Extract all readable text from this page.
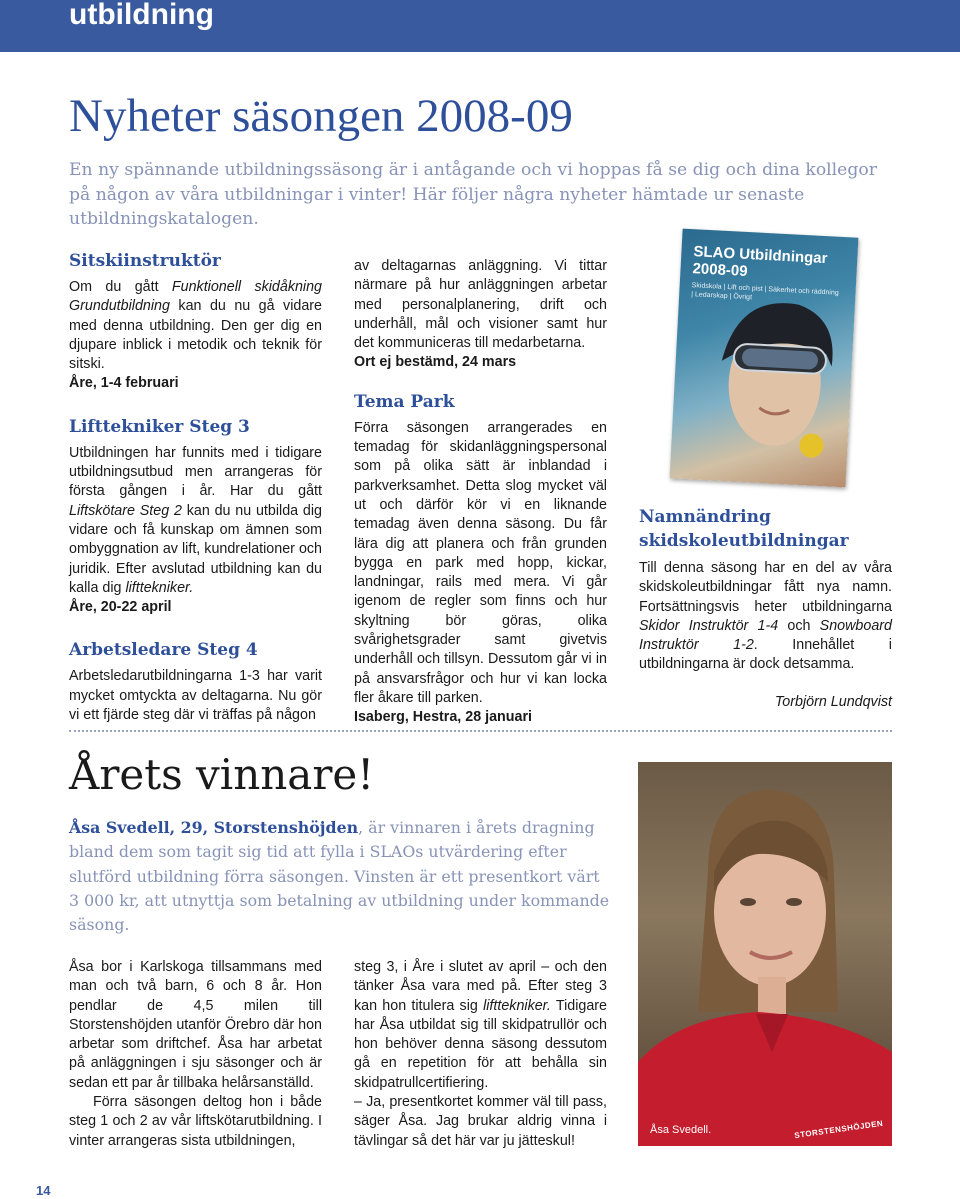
utbildning
Nyheter säsongen 2008-09
En ny spännande utbildningssäsong är i antågande och vi hoppas få se dig och dina kollegor på någon av våra utbildningar i vinter! Här följer några nyheter hämtade ur senaste utbildningskatalogen.
Sitskiinstruktör

Om du gått Funktionell skidåkning Grundutbildning kan du nu gå vidare med denna utbildning. Den ger dig en djupare inblick i metodik och teknik för sitski.

Åre, 1-4 februari

Lifttekniker Steg 3

Utbildningen har funnits med i tidigare utbildningsutbud men arrangeras för första gången i år. Har du gått Liftskötare Steg 2 kan du nu utbilda dig vidare och få kunskap om ämnen som ombyggnation av lift, kundrelationer och juridik. Efter avslutad utbildning kan du kalla dig lifttekniker.

Åre, 20-22 april

Arbetsledare Steg 4

Arbetsledarutbildningarna 1-3 har varit mycket omtyckta av deltagarna. Nu gör vi ett fjärde steg där vi träffas på någon

av deltagarnas anläggning. Vi tittar närmare på hur anläggningen arbetar med personalplanering, drift och underhåll, mål och visioner samt hur det kommuniceras till medarbetarna.

Ort ej bestämd, 24 mars

Tema Park

Förra säsongen arrangerades en temadag för skidanläggningspersonal som på olika sätt är inblandad i parkverksamhet. Detta slog mycket väl ut och därför kör vi en liknande temadag även denna säsong. Du får lära dig att planera och från grunden bygga en park med hopp, kickar, landningar, rails med mera. Vi går igenom de regler som finns och hur skyltning bör göras, olika svårighetsgrader samt givetvis underhåll och tillsyn. Dessutom går vi in på ansvarsfrågor och hur vi kan locka fler åkare till parken.

Isaberg, Hestra, 28 januari

SLAO Utbildningar 2008-09
Skidskola | Lift och pist | Säkerhet och räddning | Ledarskap | Övrigt
Namnändring skidskoleutbildningar

Till denna säsong har en del av våra skidskoleutbildningar fått nya namn. Fortsättningsvis heter utbildningarna Skidor Instruktör 1-4 och Snowboard Instruktör 1-2. Innehållet i utbildningarna är dock detsamma.

Torbjörn Lundqvist

Årets vinnare!
Åsa Svedell, 29, Storstenshöjden, är vinnaren i årets dragning bland dem som tagit sig tid att fylla i SLAOs utvärdering efter slutförd utbildning förra säsongen. Vinsten är ett presentkort värt 3 000 kr, att utnyttja som betalning av utbildning under kommande säsong.

Åsa bor i Karlskoga tillsammans med man och två barn, 6 och 8 år. Hon pendlar de 4,5 milen till Storstenshöjden utanför Örebro där hon arbetar som driftchef. Åsa har arbetat på anläggningen i sju säsonger och är sedan ett par år tillbaka helårsanställd.

Förra säsongen deltog hon i både steg 1 och 2 av vår liftskötarutbildning. I vinter arrangeras sista utbildningen,

steg 3, i Åre i slutet av april – och den tänker Åsa vara med på. Efter steg 3 kan hon titulera sig lifttekniker. Tidigare har Åsa utbildat sig till skidpatrullör och hon behöver denna säsong dessutom gå en repetition för att behålla sin skidpatrullcertifiering.

– Ja, presentkortet kommer väl till pass, säger Åsa. Jag brukar aldrig vinna i tävlingar så det här var ju jätteskul!

Åsa Svedell.	STORSTENSHÖJDEN
14
